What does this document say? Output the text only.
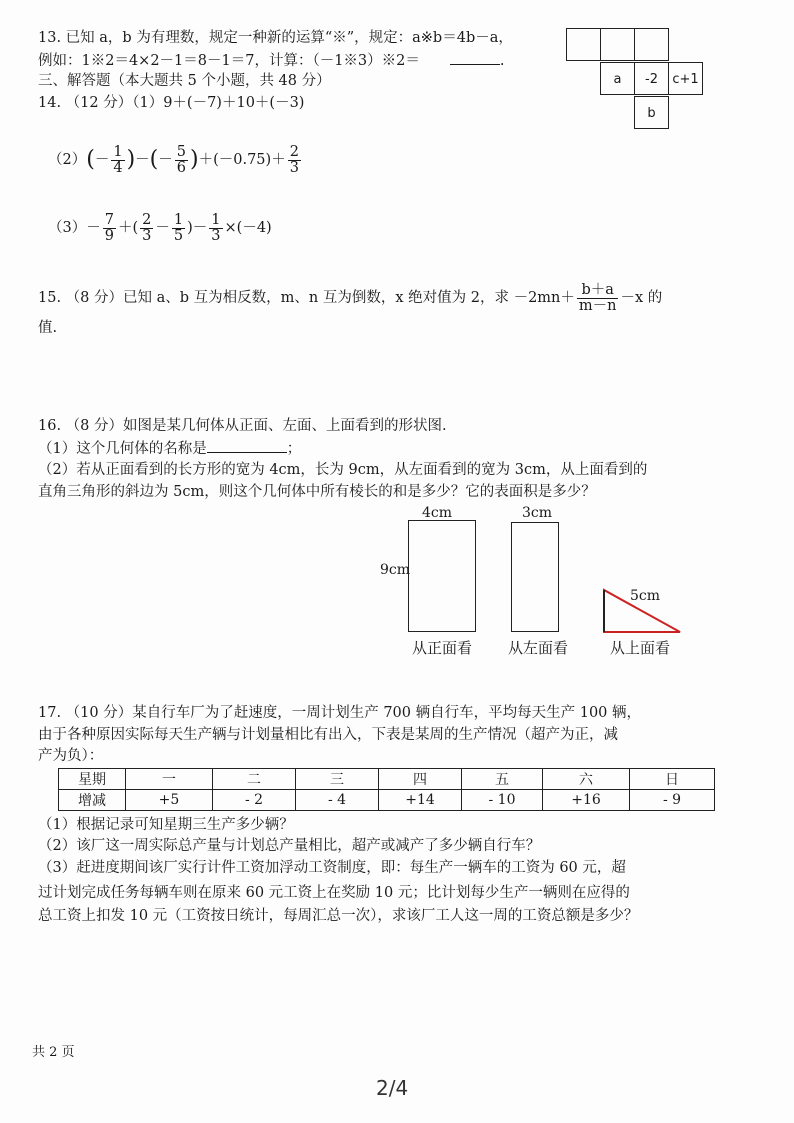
13. 已知 a，b 为有理数，规定一种新的运算“※”，规定：a※b＝4b－a，
例如：1※2＝4×2－1＝8－1＝7，计算：（－1※3）※2＝	.
a	-2	c+1
b
三、解答题（本大题共 5 个小题，共 48 分）
14. （12 分）（1）9＋(－7)＋10＋(－3)
$(2)(- \frac{1}{4}$ )－(－ $\frac{5}{6} )+(-0.75)+ \frac{2}{3}$
$(3)- \frac{7}{9}$ ＋( $\frac{2}{3} - \frac{1}{5}$ )－ $\frac{1}{3} \times(-4)$
15. （8 分）已知 a、b 互为相反数，m、n 互为倒数，x 绝对值为 2，求 $-2mn+ \frac{b+a}{m-n} -x$ 的
值.
16. （8 分）如图是某几何体从正面、左面、上面看到的形状图.
（1）这个几何体的名称是	；
（2）若从正面看到的长方形的宽为 4cm，长为 9cm，从左面看到的宽为 3cm，从上面看到的
直角三角形的斜边为 5cm，则这个几何体中所有棱长的和是多少？它的表面积是多少？
4cm	3cm
9cm
5cm
从正面看 从左面看	从上面看
17. （10 分）某自行车厂为了赶速度，一周计划生产 700 辆自行车，平均每天生产 100 辆，
由于各种原因实际每天生产辆与计划量相比有出入，下表是某周的生产情况（超产为正，减
产为负）：
星期	一	二	三	四	五	六	日
增减	+5	- 2	- 4	+14	- 10	+16	- 9
（1）根据记录可知星期三生产多少辆？
（2）该厂这一周实际总产量与计划总产量相比，超产或减产了多少辆自行车？
（3）赶进度期间该厂实行计件工资加浮动工资制度，即：每生产一辆车的工资为 60 元，超
过计划完成任务每辆车则在原来 60 元工资上在奖励 10 元；比计划每少生产一辆则在应得的
总工资上扣发 10 元（工资按日统计，每周汇总一次），求该厂工人这一周的工资总额是多少？
共 2 页
2/4
